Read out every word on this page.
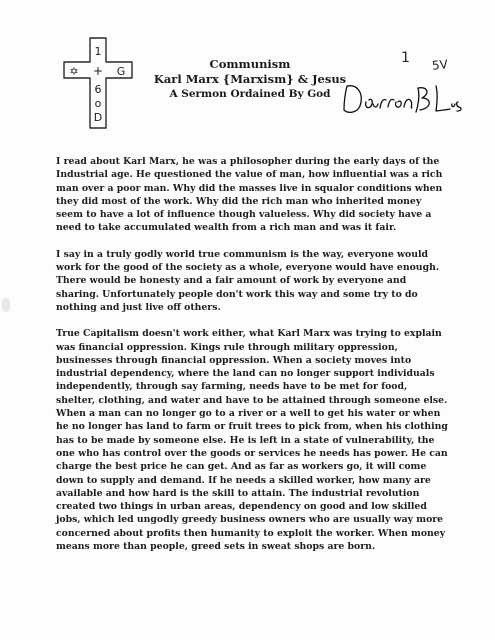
1
✡ + G
6
o
D
Communism
Karl Marx {Marxism} & Jesus
A Sermon Ordained By God
1 5V

I read about Karl Marx, he was a philosopher during the early days of the Industrial age. He questioned the value of man, how influential was a rich man over a poor man. Why did the masses live in squalor conditions when they did most of the work. Why did the rich man who inherited money seem to have a lot of influence though valueless. Why did society have a need to take accumulated wealth from a rich man and was it fair.

I say in a truly godly world true communism is the way, everyone would work for the good of the society as a whole, everyone would have enough. There would be honesty and a fair amount of work by everyone and sharing. Unfortunately people don't work this way and some try to do nothing and just live off others.

True Capitalism doesn't work either, what Karl Marx was trying to explain was financial oppression. Kings rule through military oppression, businesses through financial oppression. When a society moves into industrial dependency, where the land can no longer support individuals independently, through say farming, needs have to be met for food, shelter, clothing, and water and have to be attained through someone else. When a man can no longer go to a river or a well to get his water or when he no longer has land to farm or fruit trees to pick from, when his clothing has to be made by someone else. He is left in a state of vulnerability, the one who has control over the goods or services he needs has power. He can charge the best price he can get. And as far as workers go, it will come down to supply and demand. If he needs a skilled worker, how many are available and how hard is the skill to attain. The industrial revolution created two things in urban areas, dependency on good and low skilled jobs, which led ungodly greedy business owners who are usually way more concerned about profits then humanity to exploit the worker. When money means more than people, greed sets in sweat shops are born.
